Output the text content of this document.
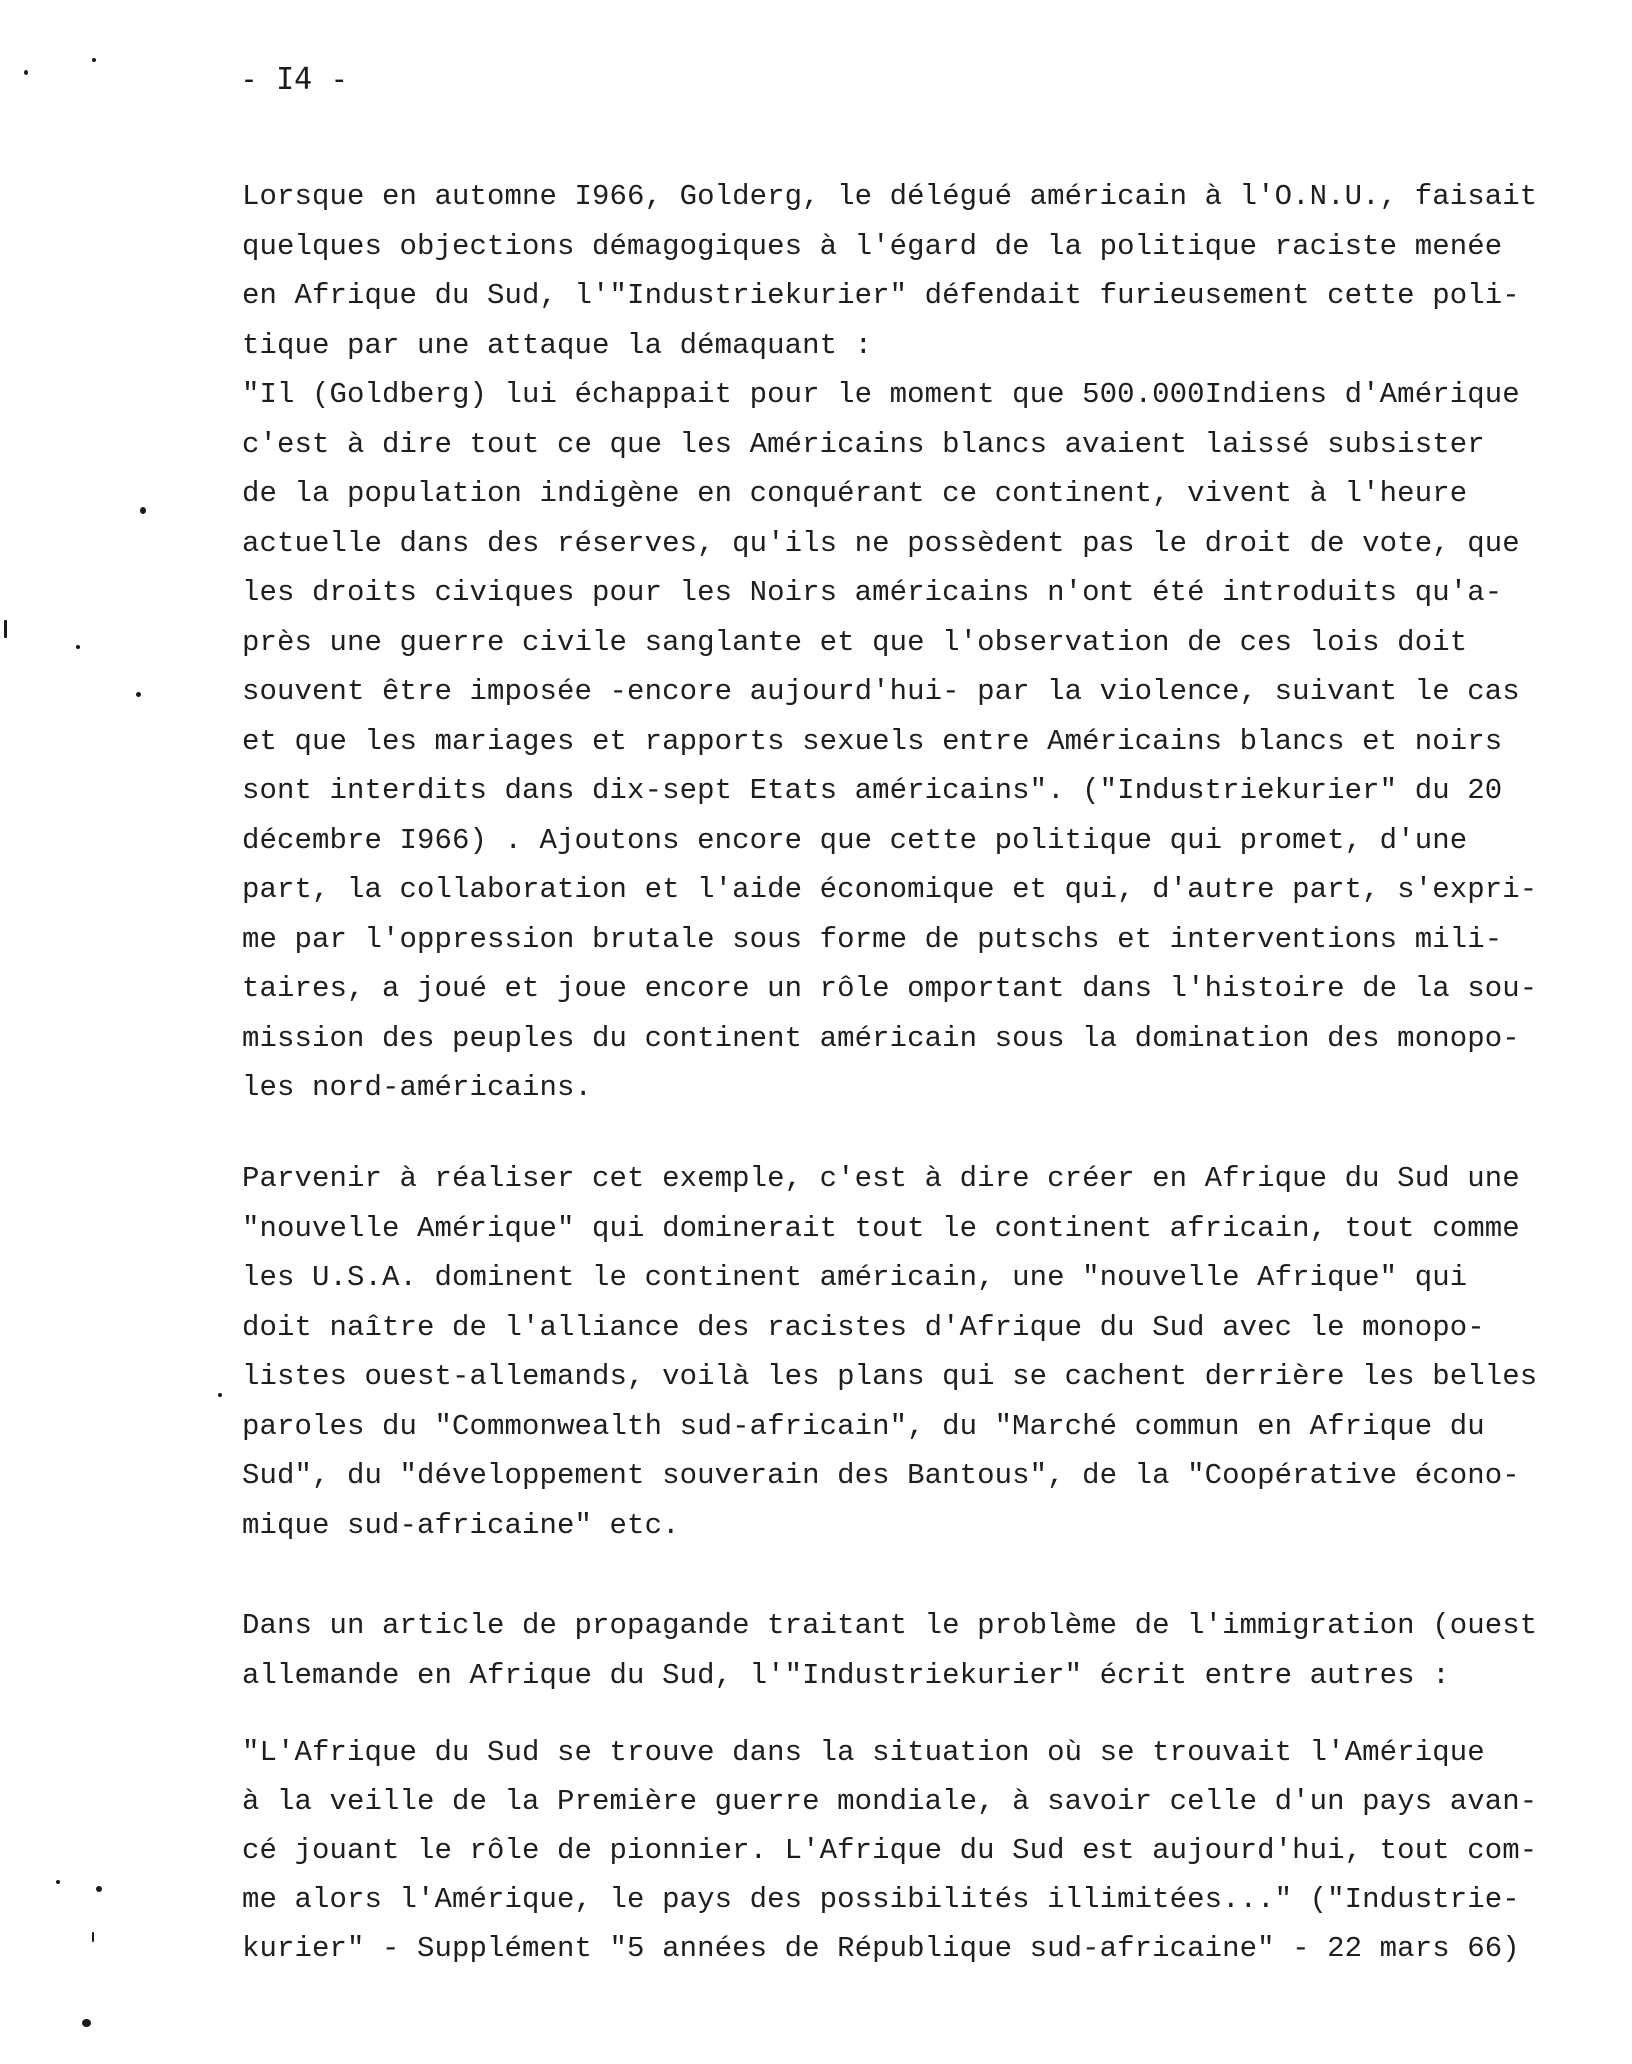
- I4 -

Lorsque en automne I966, Golderg, le délégué américain à l'O.N.U., faisait
quelques objections démagogiques à l'égard de la politique raciste menée
en Afrique du Sud, l'"Industriekurier" défendait furieusement cette poli-
tique par une attaque la démaquant :
"Il (Goldberg) lui échappait pour le moment que 500.000Indiens d'Amérique
c'est à dire tout ce que les Américains blancs avaient laissé subsister
de la population indigène en conquérant ce continent, vivent à l'heure
actuelle dans des réserves, qu'ils ne possèdent pas le droit de vote, que
les droits civiques pour les Noirs américains n'ont été introduits qu'a-
près une guerre civile sanglante et que l'observation de ces lois doit
souvent être imposée -encore aujourd'hui- par la violence, suivant le cas
et que les mariages et rapports sexuels entre Américains blancs et noirs
sont interdits dans dix-sept Etats américains". ("Industriekurier" du 20
décembre I966) . Ajoutons encore que cette politique qui promet, d'une
part, la collaboration et l'aide économique et qui, d'autre part, s'expri-
me par l'oppression brutale sous forme de putschs et interventions mili-
taires, a joué et joue encore un rôle omportant dans l'histoire de la sou-
mission des peuples du continent américain sous la domination des monopo-
les nord-américains.

Parvenir à réaliser cet exemple, c'est à dire créer en Afrique du Sud une
"nouvelle Amérique" qui dominerait tout le continent africain, tout comme
les U.S.A. dominent le continent américain, une "nouvelle Afrique" qui
doit naître de l'alliance des racistes d'Afrique du Sud avec le monopo-
listes ouest-allemands, voilà les plans qui se cachent derrière les belles
paroles du "Commonwealth sud-africain", du "Marché commun en Afrique du
Sud", du "développement souverain des Bantous", de la "Coopérative écono-
mique sud-africaine" etc.

Dans un article de propagande traitant le problème de l'immigration (ouest
allemande en Afrique du Sud, l'"Industriekurier" écrit entre autres :

"L'Afrique du Sud se trouve dans la situation où se trouvait l'Amérique
à la veille de la Première guerre mondiale, à savoir celle d'un pays avan-
cé jouant le rôle de pionnier. L'Afrique du Sud est aujourd'hui, tout com-
me alors l'Amérique, le pays des possibilités illimitées..." ("Industrie-
kurier" - Supplément "5 années de République sud-africaine" - 22 mars 66)
